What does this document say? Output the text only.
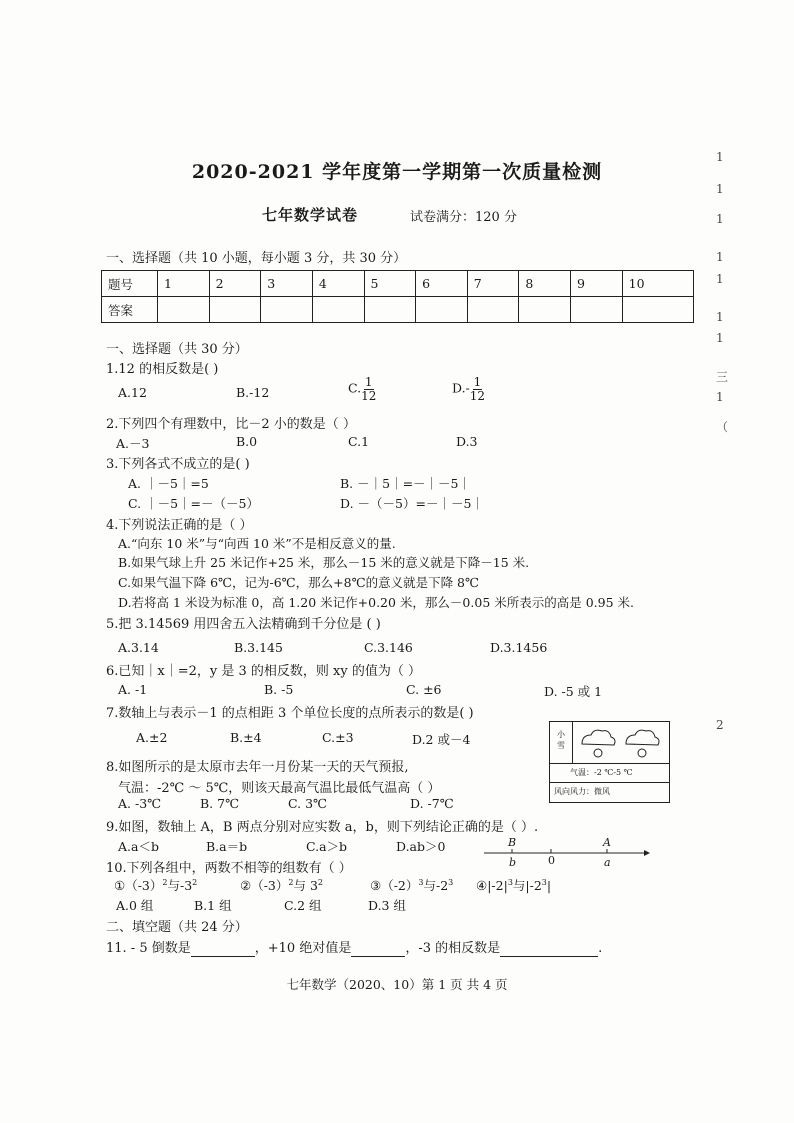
2020-2021 学年度第一学期第一次质量检测
七年数学试卷	试卷满分：120 分
一、选择题（共 10 小题，每小题 3 分，共 30 分）
题号	1	2	3	4	5	6	7	8	9	10
答案										
一、选择题（共 30 分）
1.12 的相反数是( )
A.12	B.-12	C. $\frac{1}{12}$	$D.- \frac{1}{12}$
2.下列四个有理数中，比－2 小的数是（ ）
A.－3	B.0	C.1	D.3
3.下列各式不成立的是( )
A. ｜－5｜=5	B. －｜5｜=－｜－5｜
C. ｜－5｜=－（－5）	D. －（－5）=－｜－5｜
4.下列说法正确的是（ ）
A.“向东 10 米”与“向西 10 米”不是相反意义的量.
B.如果气球上升 25 米记作+25 米，那么－15 米的意义就是下降－15 米.
C.如果气温下降 6℃，记为-6℃，那么+8℃的意义就是下降 8℃
D.若将高 1 米设为标准 0，高 1.20 米记作+0.20 米，那么－0.05 米所表示的高是 0.95 米.
5.把 3.14569 用四舍五入法精确到千分位是 ( )
A.3.14	B.3.145	C.3.146	D.3.1456
6.已知｜x｜=2，y 是 3 的相反数，则 xy 的值为（ ）
A. -1	B. -5	C. ±6	D. -5 或 1
7.数轴上与表示－1 的点相距 3 个单位长度的点所表示的数是( )
A.±2	B.±4	C.±3	D.2 或－4	小雪
气温：-2 ℃-5 ℃
风向风力：微风
8.如图所示的是太原市去年一月份某一天的天气预报,
气温：-2℃ ～ 5℃，则该天最高气温比最低气温高（ ）
A. -3℃	B. 7℃	C. 3℃	D. -7℃
9.如图，数轴上 A，B 两点分别对应实数 a，b，则下列结论正确的是（ ）.
A.a＜b	B.a＝b	C.a＞b	D.ab＞0	B	A
b	0	a
10.下列各组中，两数不相等的组数有（ ）
$①(-3)^2$与$-3^2$	$②(-3)^2$与 $3^2$	$③(-2)^3$与$-2^3$ $④|-2|^3$与$|-2^3|$
A.0 组	B.1 组	C.2 组	D.3 组
二、填空题（共 24 分）
11. - 5 倒数是	，+10 绝对值是	，-3 的相反数是	.
七年数学（2020、10）第 1 页 共 4 页
1
1
1
1
1
1
1
三
1
（
2
